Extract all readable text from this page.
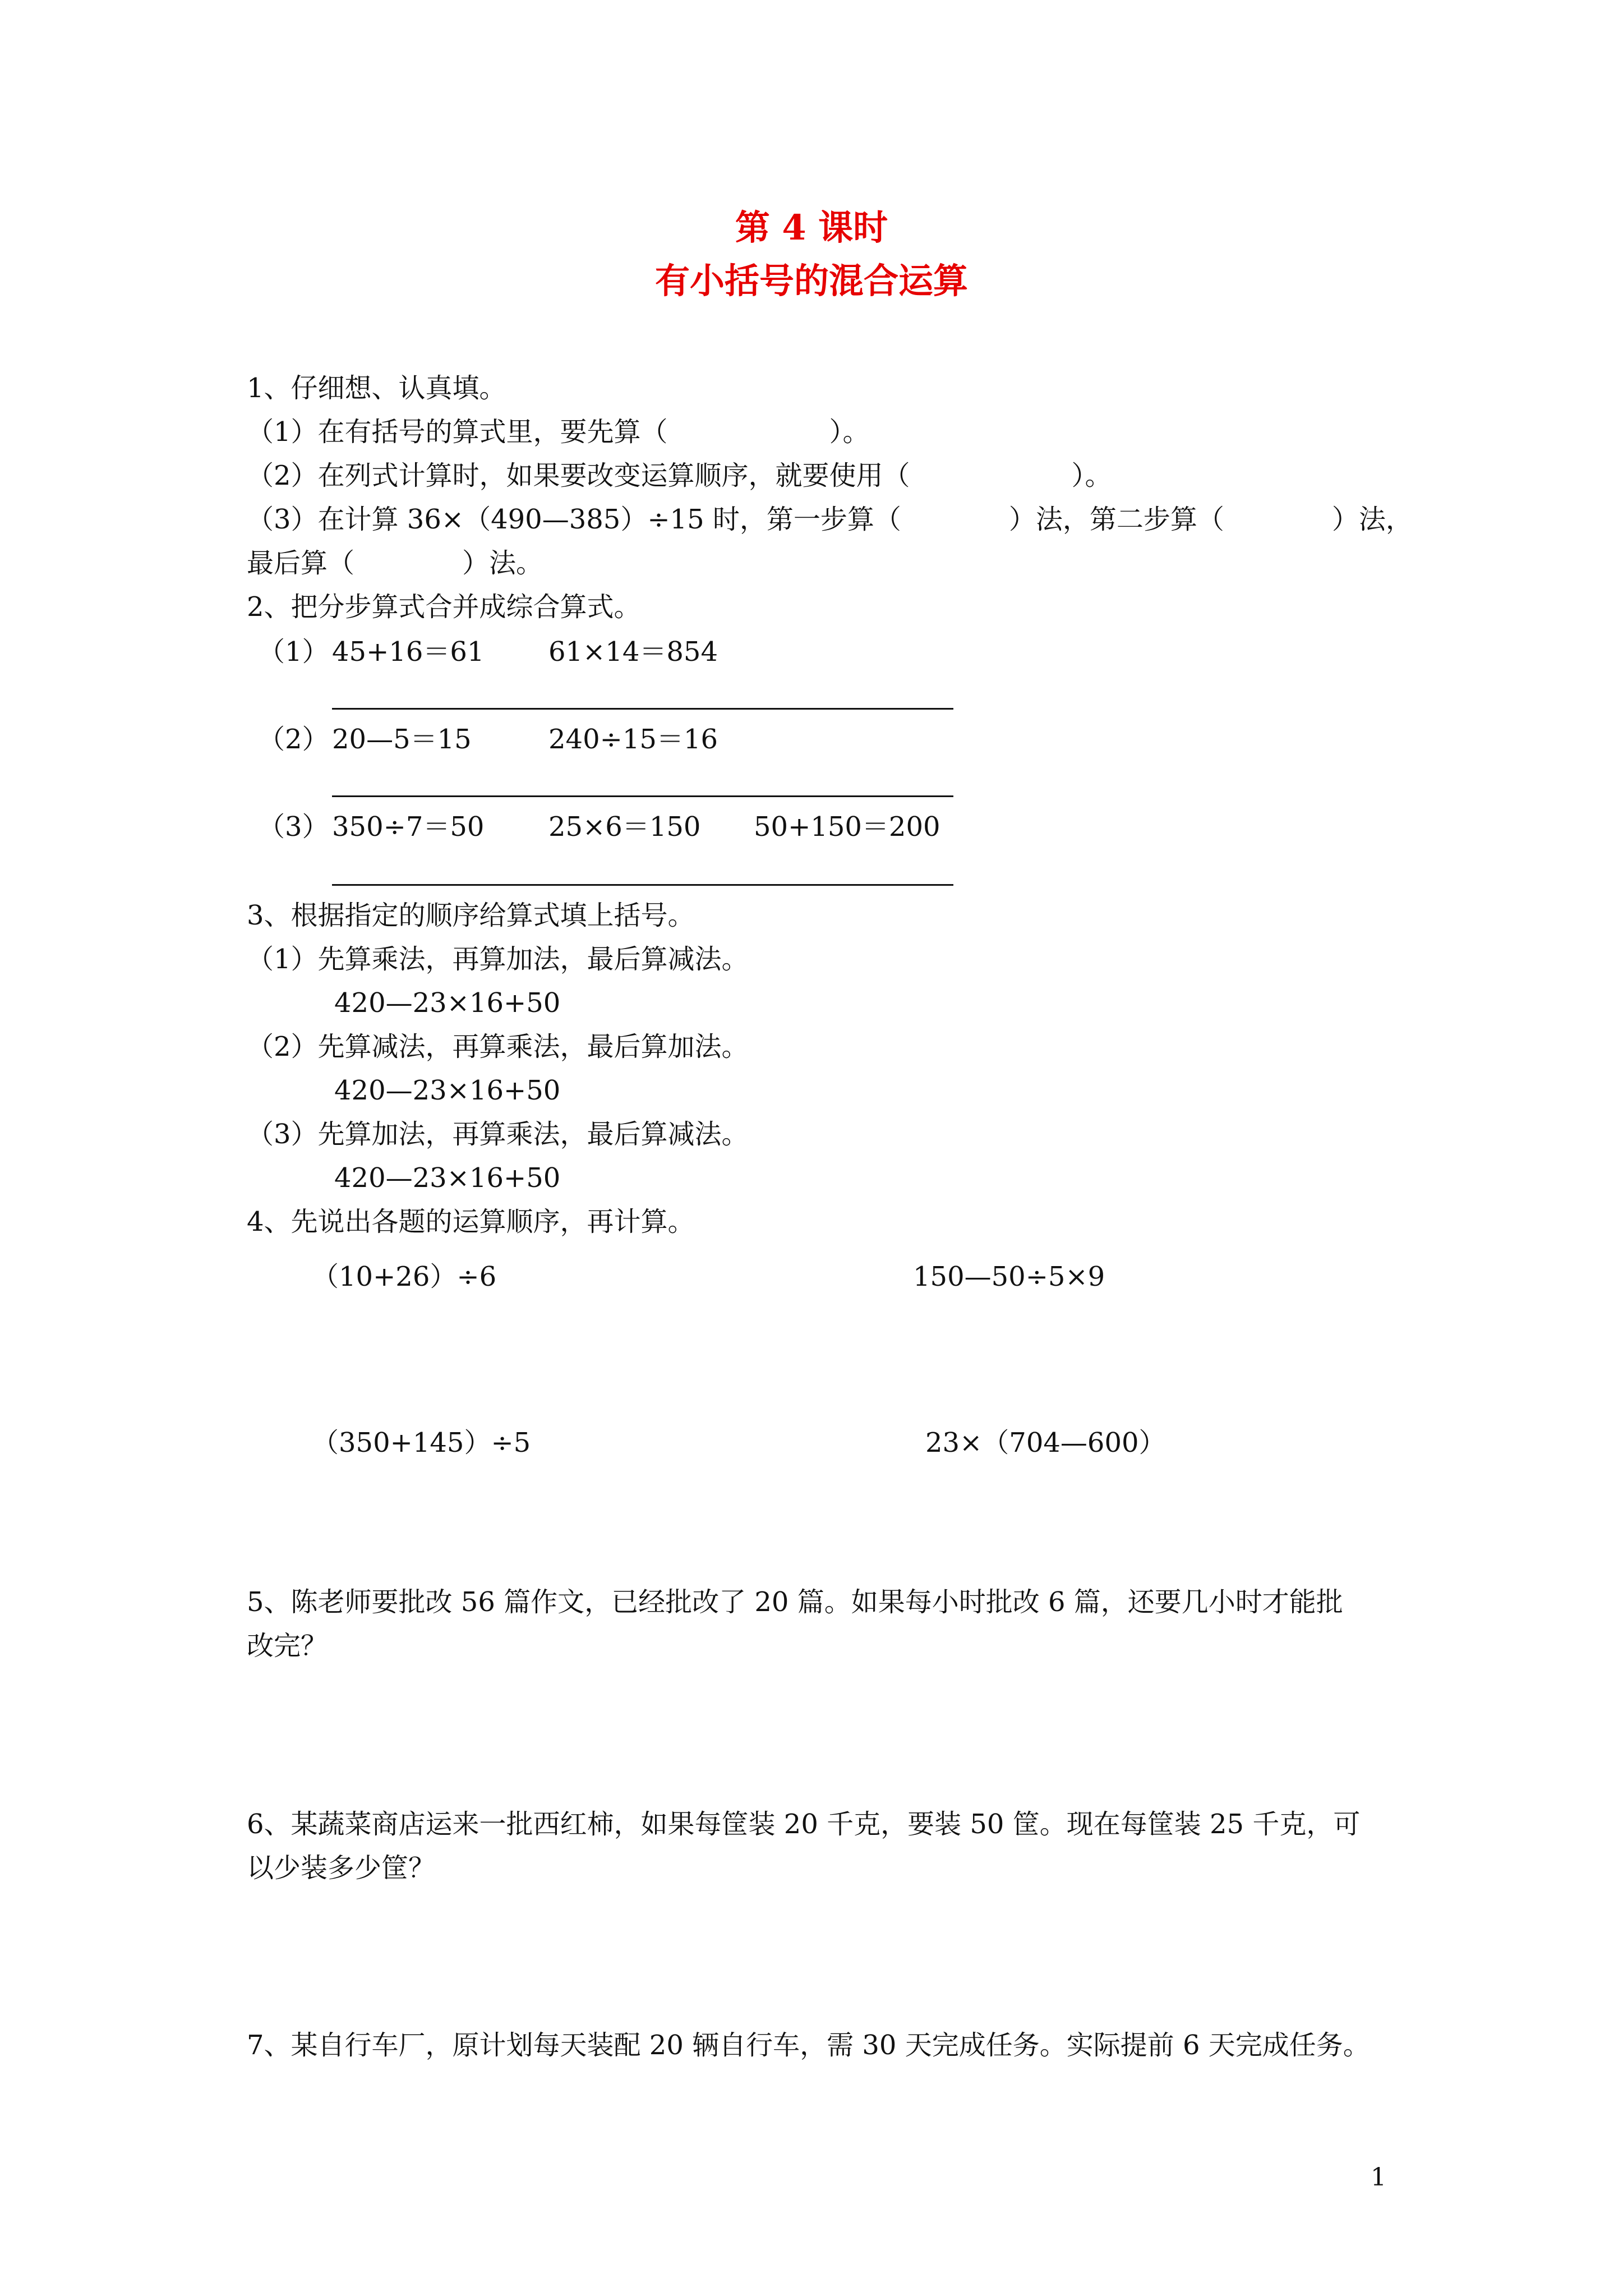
第 4 课时
有小括号的混合运算
1、仔细想、认真填。
（1）在有括号的算式里，要先算（　　　　　　）。
（2）在列式计算时，如果要改变运算顺序，就要使用（　　　　　　）。
（3）在计算 36×（490—385）÷15 时，第一步算（　　　　）法，第二步算（　　　　）法，
最后算（　　　　）法。
2、把分步算式合并成综合算式。
（1） 45+16＝61 61×14＝854
（2） 20—5＝15	240÷15＝16
（3） 350÷7＝50 25×6＝150 50+150＝200
3、根据指定的顺序给算式填上括号。
（1）先算乘法，再算加法，最后算减法。
420—23×16+50
（2）先算减法，再算乘法，最后算加法。
420—23×16+50
（3）先算加法，再算乘法，最后算减法。
420—23×16+50
4、先说出各题的运算顺序，再计算。
（10+26）÷6	150—50÷5×9
（350+145）÷5	23×（704—600）
5、陈老师要批改 56 篇作文，已经批改了 20 篇。如果每小时批改 6 篇，还要几小时才能批
改完？
6、某蔬菜商店运来一批西红柿，如果每筐装 20 千克，要装 50 筐。现在每筐装 25 千克，可
以少装多少筐？
7、某自行车厂，原计划每天装配 20 辆自行车，需 30 天完成任务。实际提前 6 天完成任务。
1
